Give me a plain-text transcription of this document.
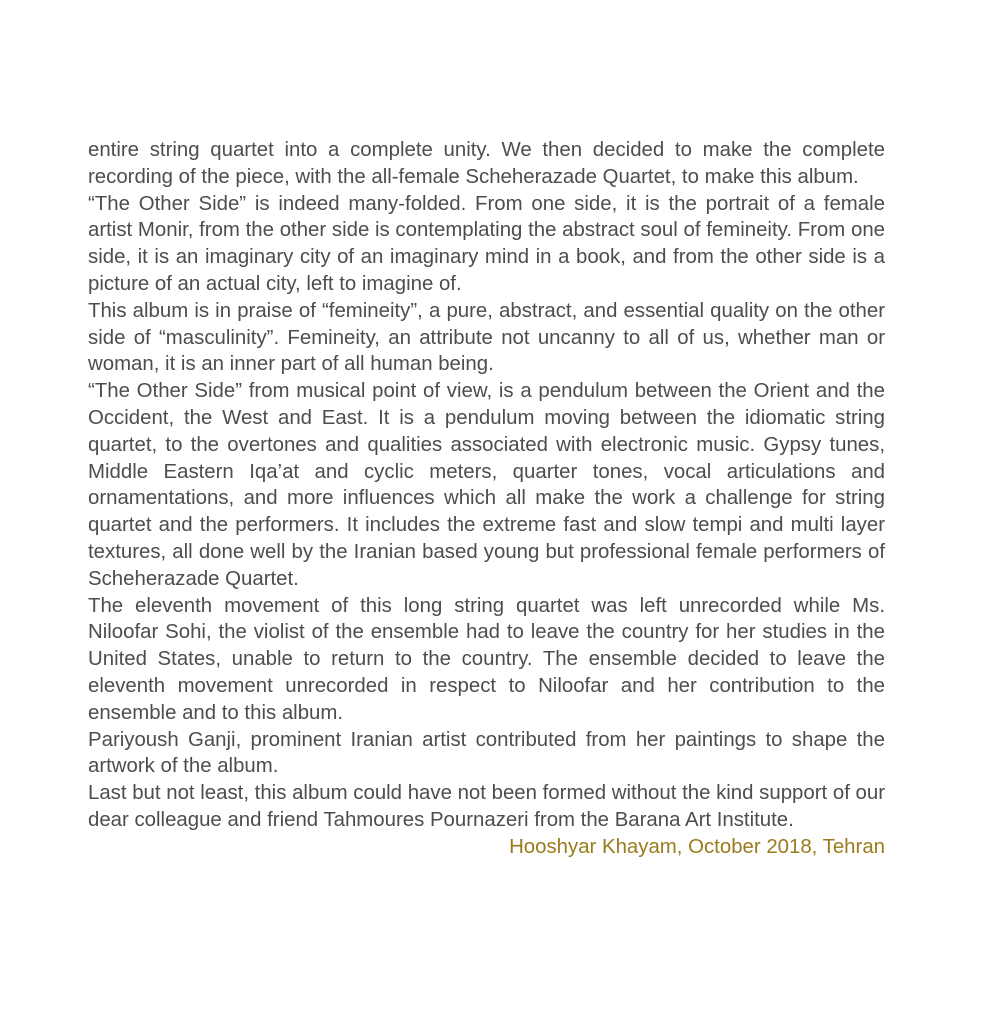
entire string quartet into a complete unity. We then decided to make the complete recording of the piece, with the all-female Scheherazade Quartet, to make this album.

“The Other Side” is indeed many-folded. From one side, it is the portrait of a female artist Monir, from the other side is contemplating the abstract soul of femineity. From one side, it is an imaginary city of an imaginary mind in a book, and from the other side is a picture of an actual city, left to imagine of.

This album is in praise of “femineity”, a pure, abstract, and essential quality on the other side of “masculinity”. Femineity, an attribute not uncanny to all of us, whether man or woman, it is an inner part of all human being.

“The Other Side” from musical point of view, is a pendulum between the Orient and the Occident, the West and East. It is a pendulum moving between the idiomatic string quartet, to the overtones and qualities associated with electronic music. Gypsy tunes, Middle Eastern Iqa’at and cyclic meters, quarter tones, vocal articulations and ornamentations, and more influences which all make the work a challenge for string quartet and the performers. It includes the extreme fast and slow tempi and multi layer textures, all done well by the Iranian based young but professional female performers of Scheherazade Quartet.

The eleventh movement of this long string quartet was left unrecorded while Ms. Niloofar Sohi, the violist of the ensemble had to leave the country for her studies in the United States, unable to return to the country. The ensemble decided to leave the eleventh movement unrecorded in respect to Niloofar and her contribution to the ensemble and to this album.

Pariyoush Ganji, prominent Iranian artist contributed from her paintings to shape the artwork of the album.

Last but not least, this album could have not been formed without the kind support of our dear colleague and friend Tahmoures Pournazeri from the Barana Art Institute.

Hooshyar Khayam, October 2018, Tehran
